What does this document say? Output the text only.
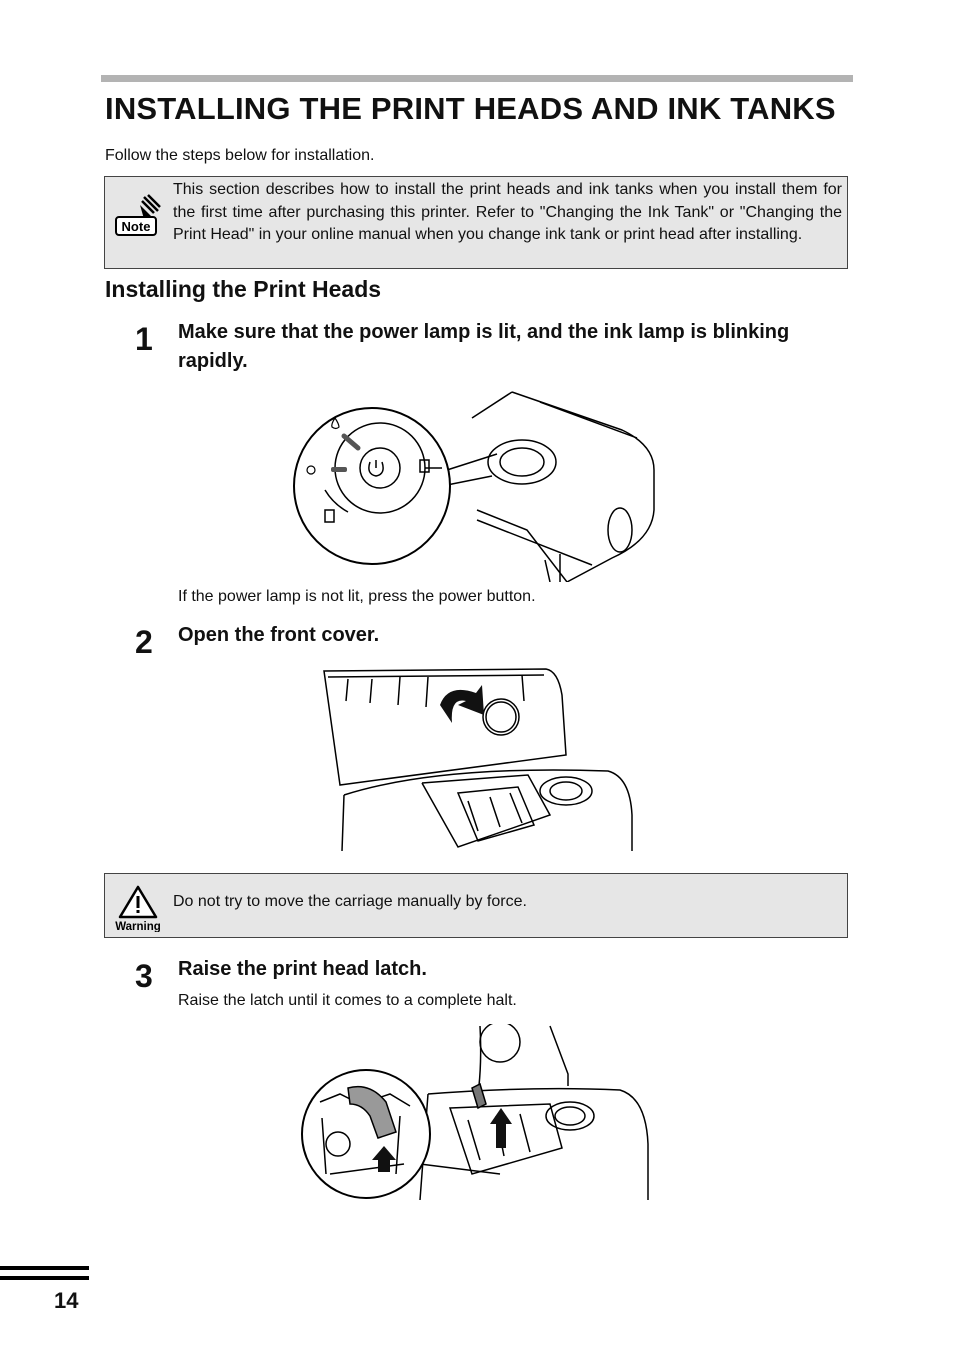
INSTALLING THE PRINT HEADS AND INK TANKS
Follow the steps below for installation.
Note
This section describes how to install the print heads and ink tanks when you install them for the first time after purchasing this printer. Refer to "Changing the Ink Tank" or "Changing the Print Head" in your online manual when you change ink tank or print head after installing.
Installing the Print Heads
1 Make sure that the power lamp is lit, and the ink lamp is blinking rapidly.
If the power lamp is not lit, press the power button.
2 Open the front cover.
Warning
Do not try to move the carriage manually by force.
3 Raise the print head latch.
Raise the latch until it comes to a complete halt.
14
